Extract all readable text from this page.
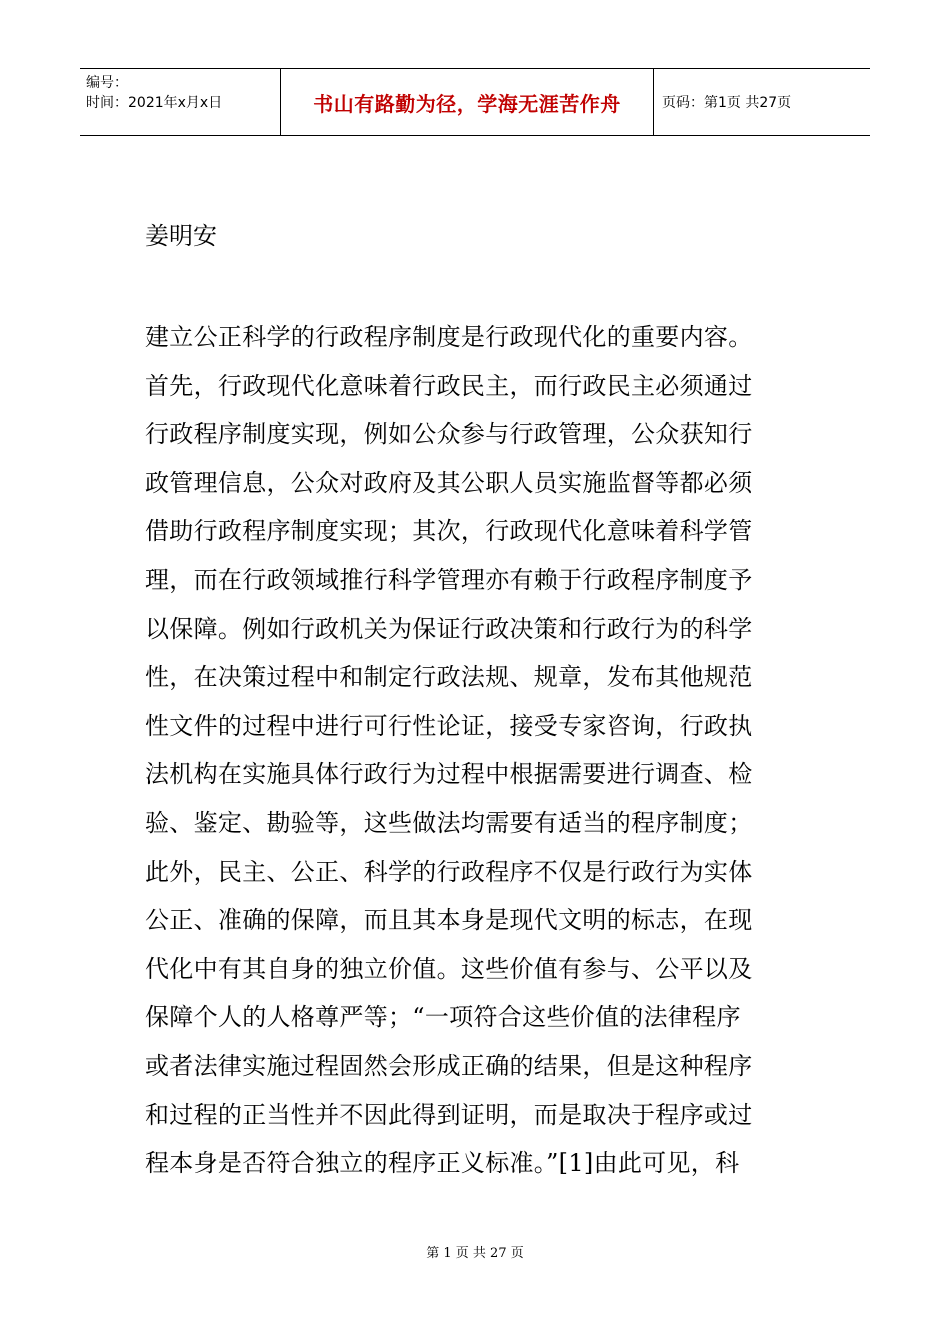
编号：
时间：2021年x月x日	书山有路勤为径，学海无涯苦作舟	页码：第1页 共27页
姜明安
建立公正科学的行政程序制度是行政现代化的重要内容。
首先，行政现代化意味着行政民主，而行政民主必须通过
行政程序制度实现，例如公众参与行政管理，公众获知行
政管理信息，公众对政府及其公职人员实施监督等都必须
借助行政程序制度实现；其次，行政现代化意味着科学管
理，而在行政领域推行科学管理亦有赖于行政程序制度予
以保障。例如行政机关为保证行政决策和行政行为的科学
性，在决策过程中和制定行政法规、规章，发布其他规范
性文件的过程中进行可行性论证，接受专家咨询，行政执
法机构在实施具体行政行为过程中根据需要进行调查、检
验、鉴定、勘验等，这些做法均需要有适当的程序制度；
此外，民主、公正、科学的行政程序不仅是行政行为实体
公正、准确的保障，而且其本身是现代文明的标志，在现
代化中有其自身的独立价值。这些价值有参与、公平以及
保障个人的人格尊严等；“一项符合这些价值的法律程序
或者法律实施过程固然会形成正确的结果，但是这种程序
和过程的正当性并不因此得到证明，而是取决于程序或过
程本身是否符合独立的程序正义标准。”[1]由此可见，科
第 1 页 共 27 页
